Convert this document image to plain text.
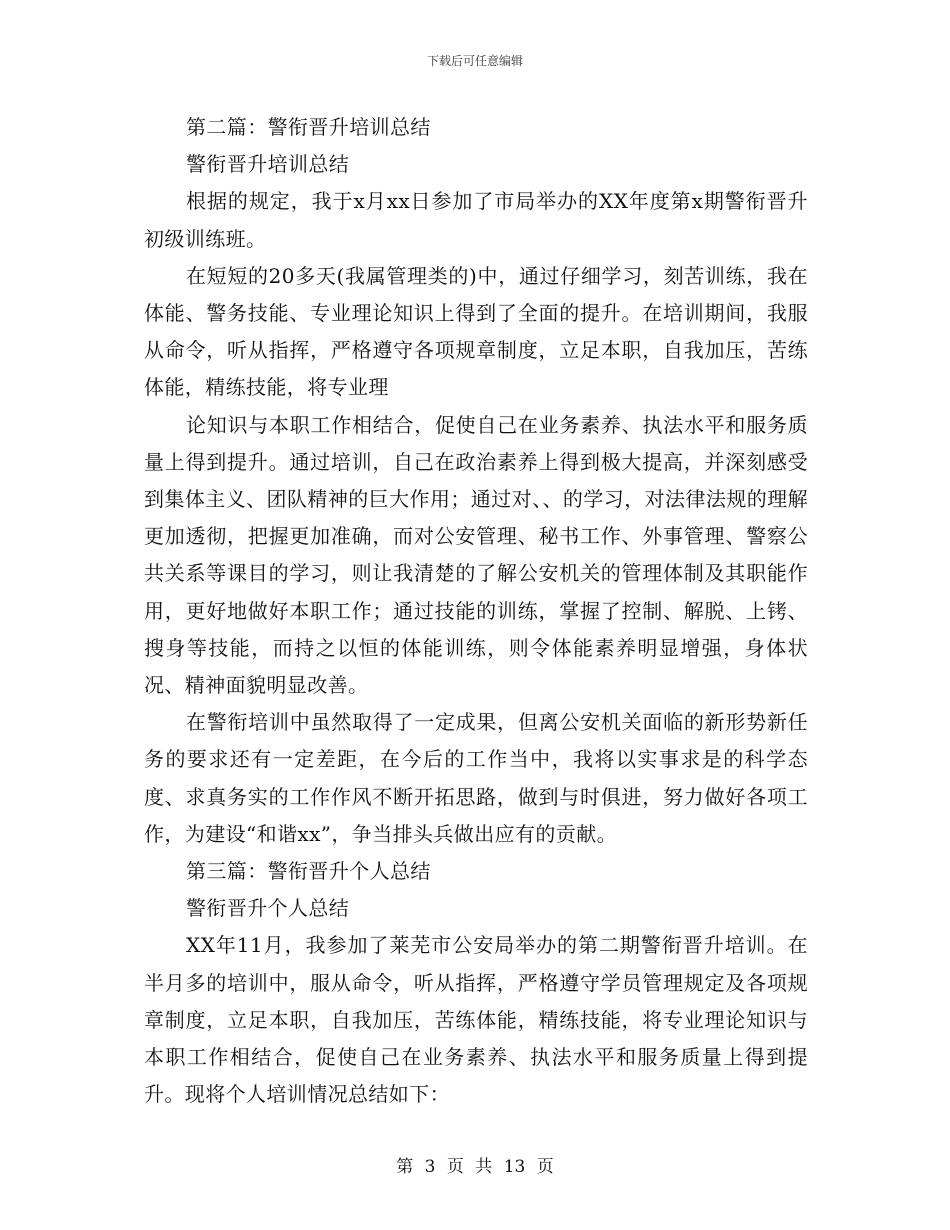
下载后可任意编辑

第二篇：警衔晋升培训总结

警衔晋升培训总结

根据的规定，我于x月xx日参加了市局举办的XX年度第x期警衔晋升初级训练班。

在短短的20多天(我属管理类的)中，通过仔细学习，刻苦训练，我在体能、警务技能、专业理论知识上得到了全面的提升。在培训期间，我服从命令，听从指挥，严格遵守各项规章制度，立足本职，自我加压，苦练体能，精练技能，将专业理

论知识与本职工作相结合，促使自己在业务素养、执法水平和服务质量上得到提升。通过培训，自己在政治素养上得到极大提高，并深刻感受到集体主义、团队精神的巨大作用；通过对、、的学习，对法律法规的理解更加透彻，把握更加准确，而对公安管理、秘书工作、外事管理、警察公共关系等课目的学习，则让我清楚的了解公安机关的管理体制及其职能作用，更好地做好本职工作；通过技能的训练，掌握了控制、解脱、上铐、搜身等技能，而持之以恒的体能训练，则令体能素养明显增强，身体状况、精神面貌明显改善。

在警衔培训中虽然取得了一定成果，但离公安机关面临的新形势新任务的要求还有一定差距，在今后的工作当中，我将以实事求是的科学态度、求真务实的工作作风不断开拓思路，做到与时俱进，努力做好各项工作，为建设“和谐xx”，争当排头兵做出应有的贡献。

第三篇：警衔晋升个人总结

警衔晋升个人总结

XX年11月，我参加了莱芜市公安局举办的第二期警衔晋升培训。在半月多的培训中，服从命令，听从指挥，严格遵守学员管理规定及各项规章制度，立足本职，自我加压，苦练体能，精练技能，将专业理论知识与本职工作相结合，促使自己在业务素养、执法水平和服务质量上得到提升。现将个人培训情况总结如下：

第 3 页 共 13 页
